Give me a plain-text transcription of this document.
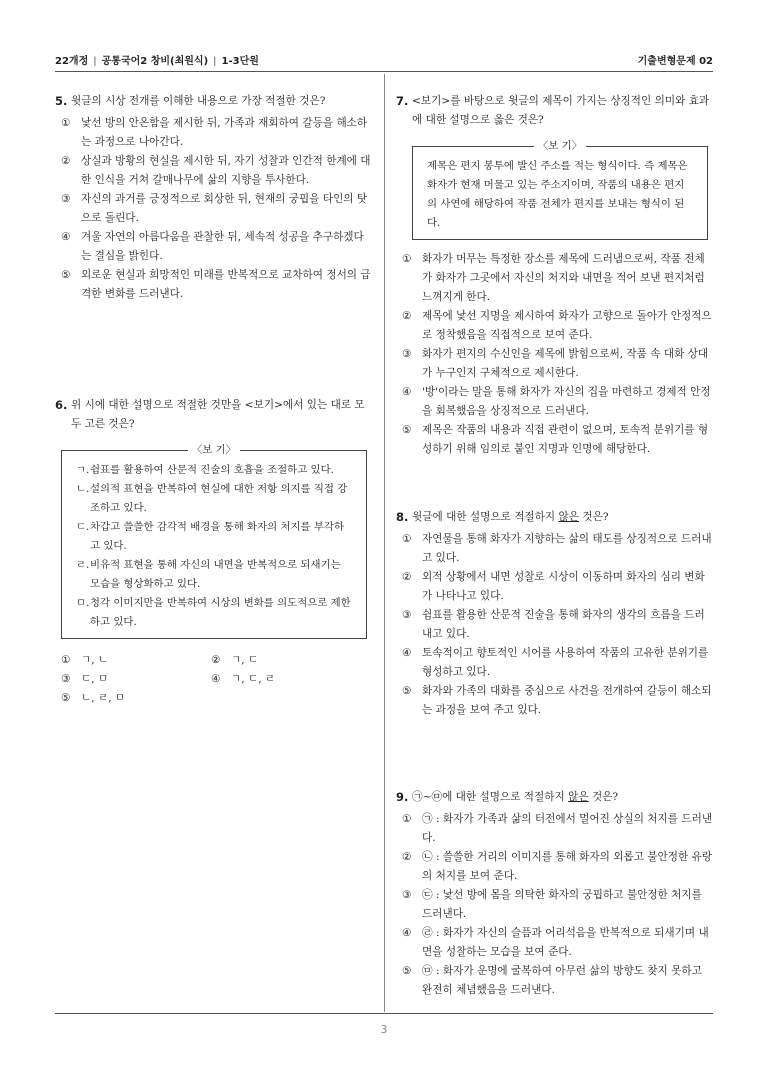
22개정 | 공통국어2 창비(최원식) | 1-3단원	기출변형문제 02
5. 윗글의 시상 전개를 이해한 내용으로 가장 적절한 것은?
① 낯선 방의 안온함을 제시한 뒤, 가족과 재회하여 갈등을 해소하는 과정으로 나아간다.
② 상실과 방황의 현실을 제시한 뒤, 자기 성찰과 인간적 한계에 대한 인식을 거쳐 갈매나무에 삶의 지향을 투사한다.
③ 자신의 과거를 긍정적으로 회상한 뒤, 현재의 궁핍을 타인의 탓으로 돌린다.
④ 겨울 자연의 아름다움을 관찰한 뒤, 세속적 성공을 추구하겠다는 결심을 밝힌다.
⑤ 외로운 현실과 희망적인 미래를 반복적으로 교차하여 정서의 급격한 변화를 드러낸다.
6. 위 시에 대한 설명으로 적절한 것만을 <보기>에서 있는 대로 모두 고른 것은?
〈보 기〉
ㄱ. 쉼표를 활용하여 산문적 진술의 호흡을 조절하고 있다.
ㄴ. 설의적 표현을 반복하여 현실에 대한 저항 의지를 직접 강조하고 있다.
ㄷ. 차갑고 쓸쓸한 감각적 배경을 통해 화자의 처지를 부각하고 있다.
ㄹ. 비유적 표현을 통해 자신의 내면을 반복적으로 되새기는 모습을 형상화하고 있다.
ㅁ. 청각 이미지만을 반복하여 시상의 변화를 의도적으로 제한하고 있다.
① ㄱ, ㄴ	② ㄱ, ㄷ
③ ㄷ, ㅁ	④ ㄱ, ㄷ, ㄹ
⑤ ㄴ, ㄹ, ㅁ
7. <보기>를 바탕으로 윗글의 제목이 가지는 상징적인 의미와 효과에 대한 설명으로 옳은 것은?
〈보 기〉
제목은 편지 봉투에 발신 주소를 적는 형식이다. 즉 제목은 화자가 현재 머물고 있는 주소지이며, 작품의 내용은 편지의 사연에 해당하여 작품 전체가 편지를 보내는 형식이 된다.
① 화자가 머무는 특정한 장소를 제목에 드러냄으로써, 작품 전체가 화자가 그곳에서 자신의 처지와 내면을 적어 보낸 편지처럼 느껴지게 한다.
② 제목에 낯선 지명을 제시하여 화자가 고향으로 돌아가 안정적으로 정착했음을 직접적으로 보여 준다.
③ 화자가 편지의 수신인을 제목에 밝힘으로써, 작품 속 대화 상대가 누구인지 구체적으로 제시한다.
④ '방'이라는 말을 통해 화자가 자신의 집을 마련하고 경제적 안정을 회복했음을 상징적으로 드러낸다.
⑤ 제목은 작품의 내용과 직접 관련이 없으며, 토속적 분위기를 형성하기 위해 임의로 붙인 지명과 인명에 해당한다.
8. 윗글에 대한 설명으로 적절하지 않은 것은?
① 자연물을 통해 화자가 지향하는 삶의 태도를 상징적으로 드러내고 있다.
② 외적 상황에서 내면 성찰로 시상이 이동하며 화자의 심리 변화가 나타나고 있다.
③ 쉼표를 활용한 산문적 진술을 통해 화자의 생각의 흐름을 드러내고 있다.
④ 토속적이고 향토적인 시어를 사용하여 작품의 고유한 분위기를 형성하고 있다.
⑤ 화자와 가족의 대화를 중심으로 사건을 전개하여 갈등이 해소되는 과정을 보여 주고 있다.
9. ㉠~㉤에 대한 설명으로 적절하지 않은 것은?
① ㉠ : 화자가 가족과 삶의 터전에서 멀어진 상실의 처지를 드러낸다.
② ㉡ : 쓸쓸한 거리의 이미지를 통해 화자의 외롭고 불안정한 유랑의 처지를 보여 준다.
③ ㉢ : 낯선 방에 몸을 의탁한 화자의 궁핍하고 불안정한 처지를 드러낸다.
④ ㉣ : 화자가 자신의 슬픔과 어리석음을 반복적으로 되새기며 내면을 성찰하는 모습을 보여 준다.
⑤ ㉤ : 화자가 운명에 굴복하여 아무런 삶의 방향도 찾지 못하고 완전히 체념했음을 드러낸다.
3
